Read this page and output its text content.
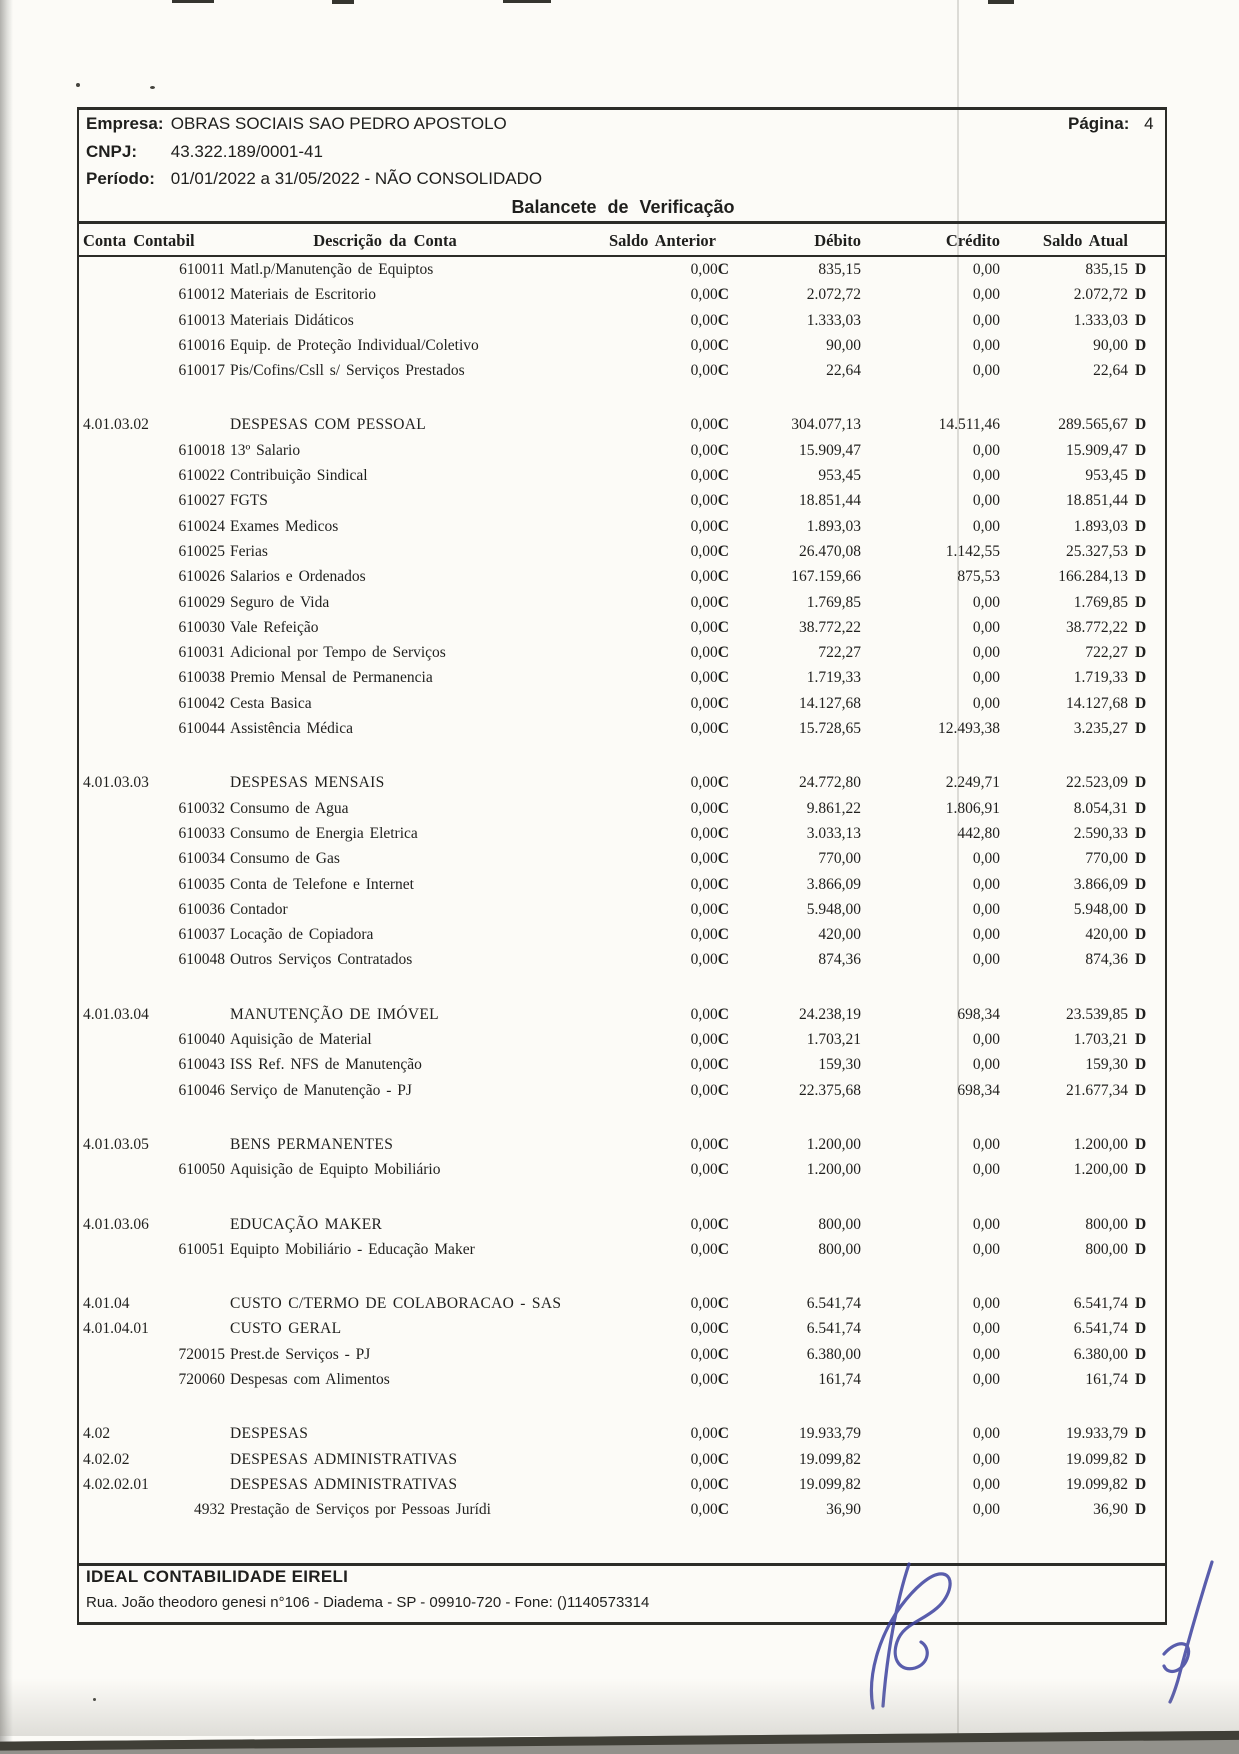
Empresa: OBRAS SOCIAIS SAO PEDRO APOSTOLO	Página: 4
CNPJ: 43.322.189/0001-41
Período: 01/01/2022 a 31/05/2022 - NÃO CONSOLIDADO
Balancete de Verificação
Conta Contabil	Descrição da Conta	Saldo Anterior	Débito	Crédito	Saldo Atual
610011 Matl.p/Manutenção de Equiptos	0,00C	835,15	0,00	835,15 D
610012 Materiais de Escritorio	0,00C	2.072,72	0,00	2.072,72 D
610013 Materiais Didáticos	0,00C	1.333,03	0,00	1.333,03 D
610016 Equip. de Proteção Individual/Coletivo	0,00C	90,00	0,00	90,00 D
610017 Pis/Cofins/Csll s/ Serviços Prestados	0,00C	22,64	0,00	22,64 D
4.01.03.02	DESPESAS COM PESSOAL	0,00C	304.077,13	14.511,46	289.565,67 D
610018 13º Salario	0,00C	15.909,47	0,00	15.909,47 D
610022 Contribuição Sindical	0,00C	953,45	0,00	953,45 D
610027 FGTS	0,00C	18.851,44	0,00	18.851,44 D
610024 Exames Medicos	0,00C	1.893,03	0,00	1.893,03 D
610025 Ferias	0,00C	26.470,08	1.142,55	25.327,53 D
610026 Salarios e Ordenados	0,00C	167.159,66	875,53	166.284,13 D
610029 Seguro de Vida	0,00C	1.769,85	0,00	1.769,85 D
610030 Vale Refeição	0,00C	38.772,22	0,00	38.772,22 D
610031 Adicional por Tempo de Serviços	0,00C	722,27	0,00	722,27 D
610038 Premio Mensal de Permanencia	0,00C	1.719,33	0,00	1.719,33 D
610042 Cesta Basica	0,00C	14.127,68	0,00	14.127,68 D
610044 Assistência Médica	0,00C	15.728,65	12.493,38	3.235,27 D
4.01.03.03	DESPESAS MENSAIS	0,00C	24.772,80	2.249,71	22.523,09 D
610032 Consumo de Agua	0,00C	9.861,22	1.806,91	8.054,31 D
610033 Consumo de Energia Eletrica	0,00C	3.033,13	442,80	2.590,33 D
610034 Consumo de Gas	0,00C	770,00	0,00	770,00 D
610035 Conta de Telefone e Internet	0,00C	3.866,09	0,00	3.866,09 D
610036 Contador	0,00C	5.948,00	0,00	5.948,00 D
610037 Locação de Copiadora	0,00C	420,00	0,00	420,00 D
610048 Outros Serviços Contratados	0,00C	874,36	0,00	874,36 D
4.01.03.04	MANUTENÇÃO DE IMÓVEL	0,00C	24.238,19	698,34	23.539,85 D
610040 Aquisição de Material	0,00C	1.703,21	0,00	1.703,21 D
610043 ISS Ref. NFS de Manutenção	0,00C	159,30	0,00	159,30 D
610046 Serviço de Manutenção - PJ	0,00C	22.375,68	698,34	21.677,34 D
4.01.03.05	BENS PERMANENTES	0,00C	1.200,00	0,00	1.200,00 D
610050 Aquisição de Equipto Mobiliário	0,00C	1.200,00	0,00	1.200,00 D
4.01.03.06	EDUCAÇÃO MAKER	0,00C	800,00	0,00	800,00 D
610051 Equipto Mobiliário - Educação Maker	0,00C	800,00	0,00	800,00 D
4.01.04	CUSTO C/TERMO DE COLABORACAO - SAS	0,00C	6.541,74	0,00	6.541,74 D
4.01.04.01	CUSTO GERAL	0,00C	6.541,74	0,00	6.541,74 D
720015 Prest.de Serviços - PJ	0,00C	6.380,00	0,00	6.380,00 D
720060 Despesas com Alimentos	0,00C	161,74	0,00	161,74 D
4.02	DESPESAS	0,00C	19.933,79	0,00	19.933,79 D
4.02.02	DESPESAS ADMINISTRATIVAS	0,00C	19.099,82	0,00	19.099,82 D
4.02.02.01	DESPESAS ADMINISTRATIVAS	0,00C	19.099,82	0,00	19.099,82 D
4932 Prestação de Serviços por Pessoas Jurídi	0,00C	36,90	0,00	36,90 D
IDEAL CONTABILIDADE EIRELI
Rua. João theodoro genesi n°106 - Diadema - SP - 09910-720 - Fone: ()1140573314
